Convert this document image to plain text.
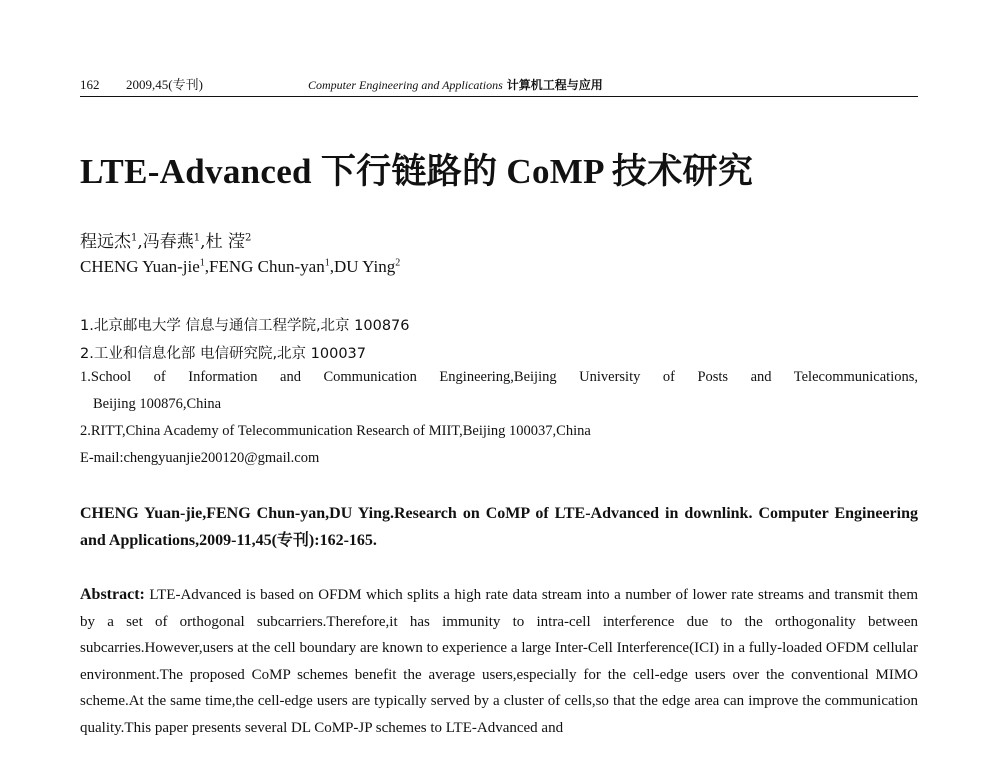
162 2009,45(专刊)	Computer Engineering and Applications 计算机工程与应用
LTE-Advanced 下行链路的 CoMP 技术研究
程远杰$^1$,冯春燕$^1$,杜 滢$^2$
CHENG Yuan-jie$^1$,FENG Chun-yan$^1$,DU Ying$^2$
1.北京邮电大学 信息与通信工程学院,北京 100876
2.工业和信息化部 电信研究院,北京 100037
1.School of Information and Communication Engineering,Beijing University of Posts and Telecommunications,
Beijing 100876,China
2.RITT,China Academy of Telecommunication Research of MIIT,Beijing 100037,China
E-mail:chengyuanjie200120@gmail.com
CHENG Yuan-jie,FENG Chun-yan,DU Ying.Research on CoMP of LTE-Advanced in downlink. Computer Engineering and Applications,2009-11,45(专刊):162-165.

Abstract: LTE-Advanced is based on OFDM which splits a high rate data stream into a number of lower rate streams and transmit them by a set of orthogonal subcarriers.Therefore,it has immunity to intra-cell interference due to the orthogonality between subcarries.However,users at the cell boundary are known to experience a large Inter-Cell Interference(ICI) in a fully-loaded OFDM cellular environment.The proposed CoMP schemes benefit the average users,especially for the cell-edge users over the conventional MIMO scheme.At the same time,the cell-edge users are typically served by a cluster of cells,so that the edge area can improve the communication quality.This paper presents several DL CoMP-JP schemes to LTE-Advanced and
